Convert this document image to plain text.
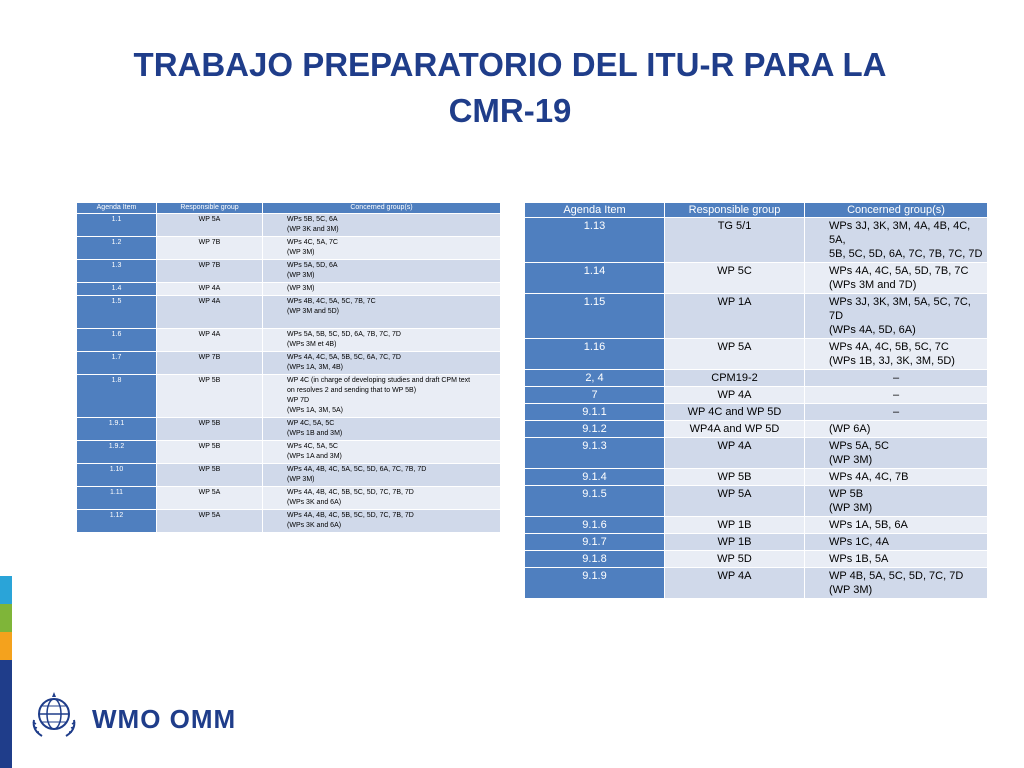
TRABAJO PREPARATORIO DEL ITU-R PARA LA
CMR-19
Agenda Item	Responsible group	Concerned group(s)
1.1	WP 5A	WPs 5B, 5C, 6A
(WP 3K and 3M)

1.2	WP 7B	WPs 4C, 5A, 7C
(WP 3M)

1.3	WP 7B	WPs 5A, 5D, 6A
(WP 3M)

1.4	WP 4A	(WP 3M)

1.5	WP 4A	WPs 4B, 4C, 5A, 5C, 7B, 7C
(WP 3M and 5D)

1.6	WP 4A	WPs 5A, 5B, 5C, 5D, 6A, 7B, 7C, 7D
(WPs 3M et 4B)

1.7	WP 7B	WPs 4A, 4C, 5A, 5B, 5C, 6A, 7C, 7D
(WPs 1A, 3M, 4B)

1.8	WP 5B	WP 4C (in charge of developing studies and draft CPM text
on resolves 2 and sending that to WP 5B)
WP 7D
(WPs 1A, 3M, 5A)

1.9.1	WP 5B	WP 4C, 5A, 5C
(WPs 1B and 3M)

1.9.2	WP 5B	WPs 4C, 5A, 5C
(WPs 1A and 3M)

1.10	WP 5B	WPs 4A, 4B, 4C, 5A, 5C, 5D, 6A, 7C, 7B, 7D
(WP 3M)

1.11	WP 5A	WPs 4A, 4B, 4C, 5B, 5C, 5D, 7C, 7B, 7D
(WPs 3K and 6A)

1.12	WP 5A	WPs 4A, 4B, 4C, 5B, 5C, 5D, 7C, 7B, 7D
(WPs 3K and 6A)
Agenda Item	Responsible group	Concerned group(s)
1.13	TG 5/1	WPs 3J, 3K, 3M, 4A, 4B, 4C, 5A,
5B, 5C, 5D, 6A, 7C, 7B, 7C, 7D

1.14	WP 5C	WPs 4A, 4C, 5A, 5D, 7B, 7C
(WPs 3M and 7D)

1.15	WP 1A	WPs 3J, 3K, 3M, 5A, 5C, 7C, 7D
(WPs 4A, 5D, 6A)

1.16	WP 5A	WPs 4A, 4C, 5B, 5C, 7C
(WPs 1B, 3J, 3K, 3M, 5D)

2, 4	CPM19-2	–

7	WP 4A	–

9.1.1	WP 4C and WP 5D	–

9.1.2	WP4A and WP 5D	(WP 6A)

9.1.3	WP 4A	WPs 5A, 5C
(WP 3M)

9.1.4	WP 5B	WPs 4A, 4C, 7B

9.1.5	WP 5A	WP 5B
(WP 3M)

9.1.6	WP 1B	WPs 1A, 5B, 6A

9.1.7	WP 1B	WPs 1C, 4A

9.1.8	WP 5D	WPs 1B, 5A

9.1.9	WP 4A	WP 4B, 5A, 5C, 5D, 7C, 7D
(WP 3M)
WMO OMM
